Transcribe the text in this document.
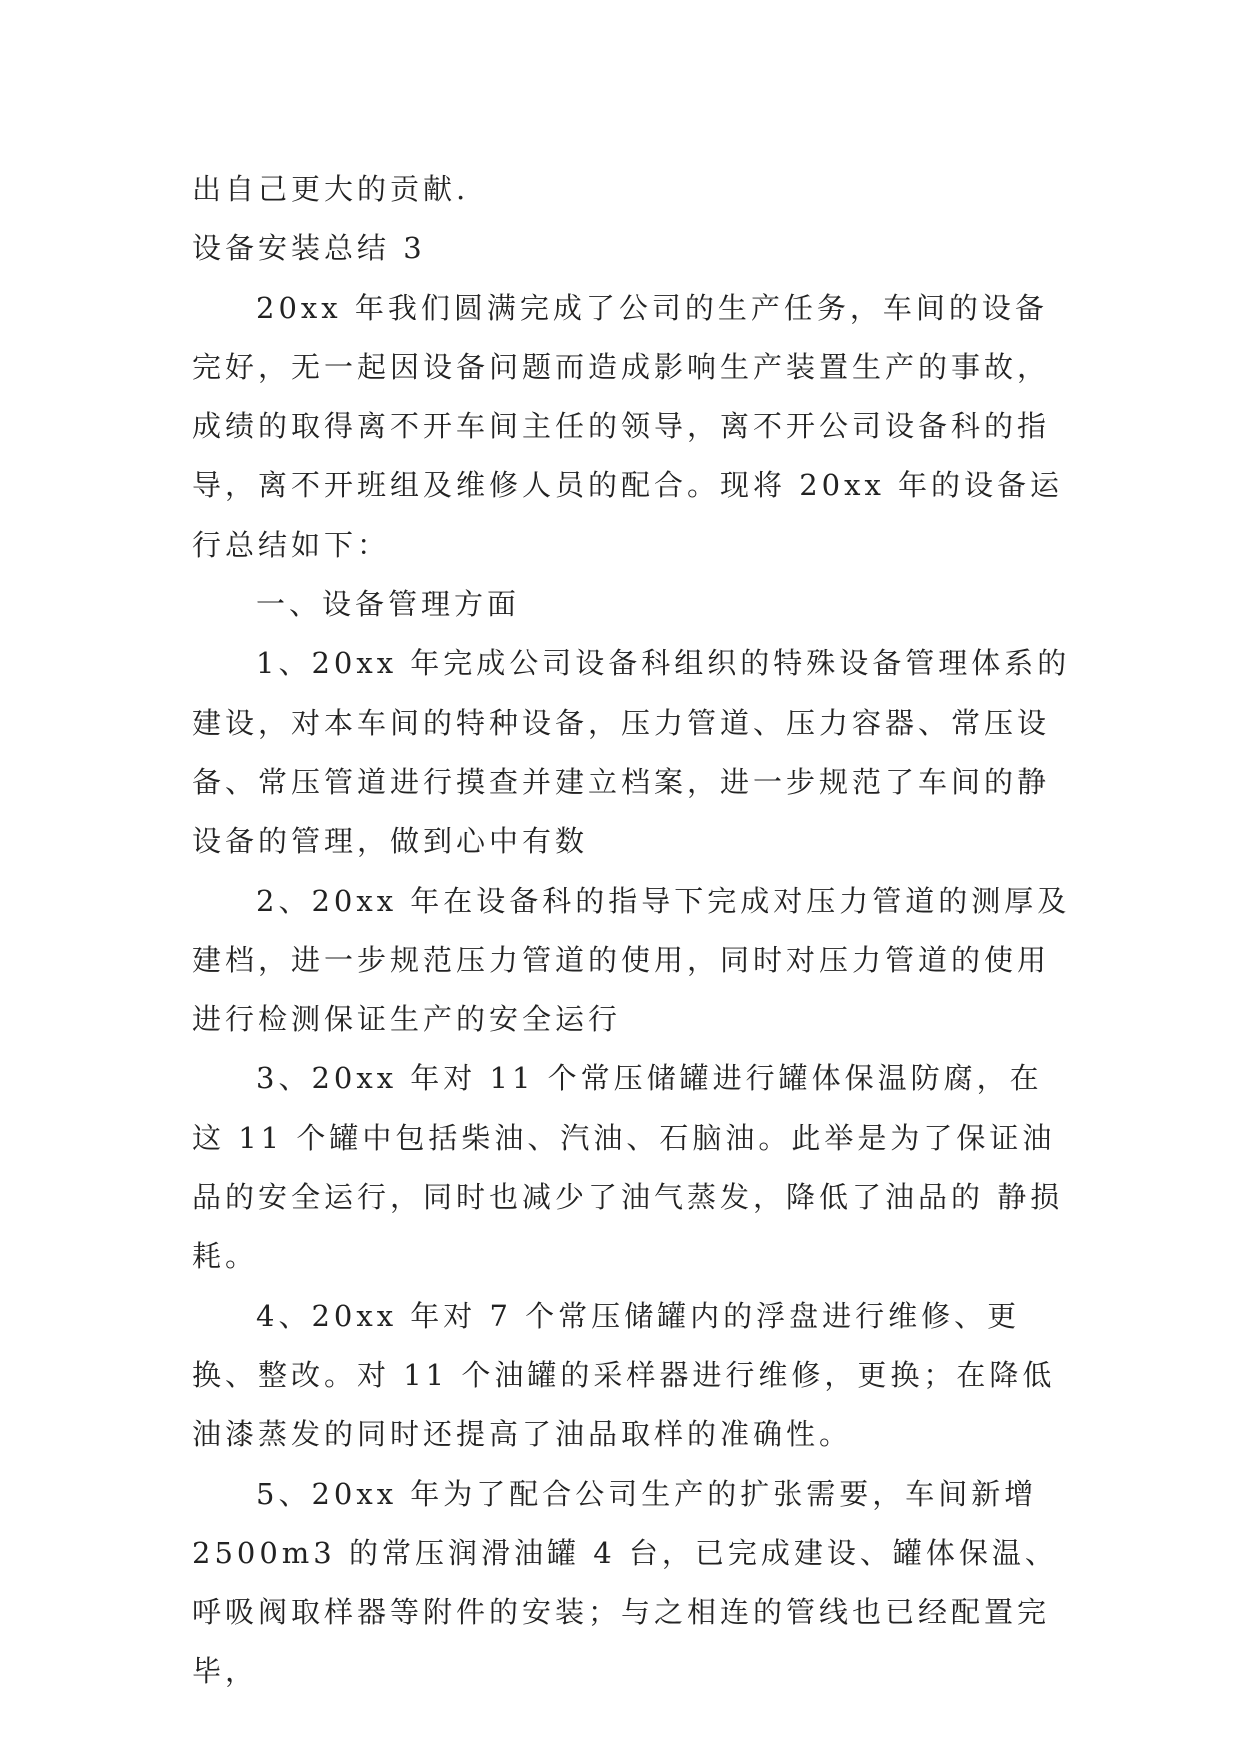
出自己更大的贡献.

设备安装总结 3

20xx 年我们圆满完成了公司的生产任务，车间的设备完好，无一起因设备问题而造成影响生产装置生产的事故，成绩的取得离不开车间主任的领导，离不开公司设备科的指导，离不开班组及维修人员的配合。现将 20xx 年的设备运行总结如下：

一、设备管理方面

1、20xx 年完成公司设备科组织的特殊设备管理体系的建设，对本车间的特种设备，压力管道、压力容器、常压设备、常压管道进行摸查并建立档案，进一步规范了车间的静设备的管理，做到心中有数

2、20xx 年在设备科的指导下完成对压力管道的测厚及建档，进一步规范压力管道的使用，同时对压力管道的使用进行检测保证生产的安全运行

3、20xx 年对 11 个常压储罐进行罐体保温防腐，在这 11 个罐中包括柴油、汽油、石脑油。此举是为了保证油品的安全运行，同时也减少了油气蒸发，降低了油品的 静损耗。

4、20xx 年对 7 个常压储罐内的浮盘进行维修、更换、整改。对 11 个油罐的采样器进行维修，更换；在降低油漆蒸发的同时还提高了油品取样的准确性。

5、20xx 年为了配合公司生产的扩张需要，车间新增 2500m3 的常压润滑油罐 4 台，已完成建设、罐体保温、呼吸阀取样器等附件的安装；与之相连的管线也已经配置完毕，
